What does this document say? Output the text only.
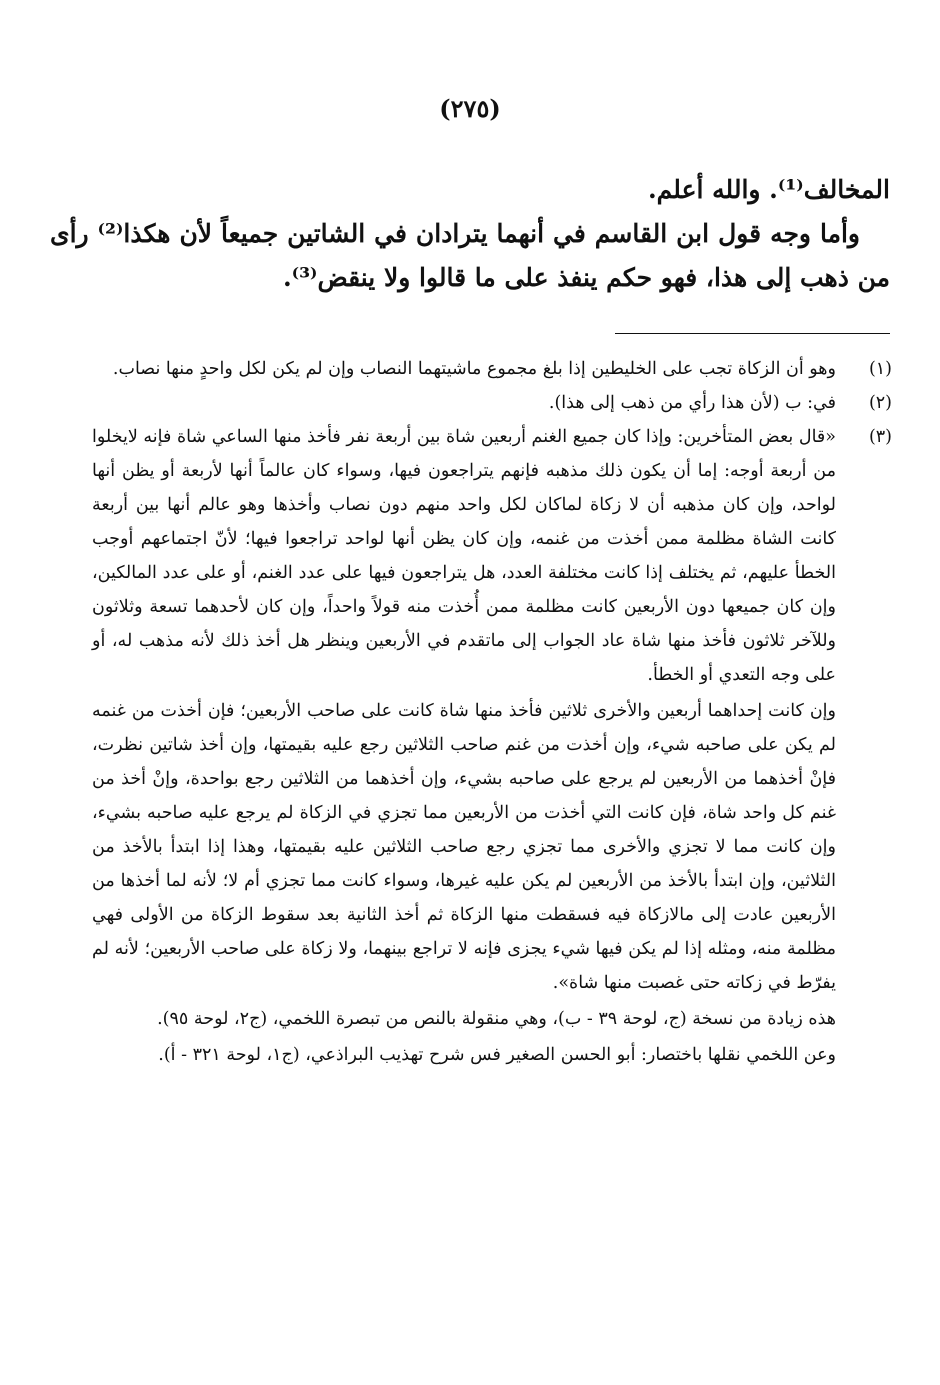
(٢٧٥)

المخالف⁽¹⁾. والله أعلم.

وأما وجه قول ابن القاسم في أنهما يترادان في الشاتين جميعاً لأن هكذا⁽²⁾ رأى من ذهب إلى هذا، فهو حكم ينفذ على ما قالوا ولا ينقض⁽³⁾.

(١)

وهو أن الزكاة تجب على الخليطين إذا بلغ مجموع ماشيتهما النصاب وإن لم يكن لكل واحدٍ منها نصاب.

(٢)

في: ب (لأن هذا رأي من ذهب إلى هذا).

(٣)

«قال بعض المتأخرين: وإذا كان جميع الغنم أربعين شاة بين أربعة نفر فأخذ منها الساعي شاة فإنه لايخلوا من أربعة أوجه: إما أن يكون ذلك مذهبه فإنهم يتراجعون فيها، وسواء كان عالماً أنها لأربعة أو يظن أنها لواحد، وإن كان مذهبه أن لا زكاة لماكان لكل واحد منهم دون نصاب وأخذها وهو عالم أنها بين أربعة كانت الشاة مظلمة ممن أخذت من غنمه، وإن كان يظن أنها لواحد تراجعوا فيها؛ لأنّ اجتماعهم أوجب الخطأ عليهم، ثم يختلف إذا كانت مختلفة العدد، هل يتراجعون فيها على عدد الغنم، أو على عدد المالكين، وإن كان جميعها دون الأربعين كانت مظلمة ممن أُخذت منه قولاً واحداً، وإن كان لأحدهما تسعة وثلاثون وللآخر ثلاثون فأخذ منها شاة عاد الجواب إلى ماتقدم في الأربعين وينظر هل أخذ ذلك لأنه مذهب له، أو على وجه التعدي أو الخطأ.

وإن كانت إحداهما أربعين والأخرى ثلاثين فأخذ منها شاة كانت على صاحب الأربعين؛ فإن أخذت من غنمه لم يكن على صاحبه شيء، وإن أخذت من غنم صاحب الثلاثين رجع عليه بقيمتها، وإن أخذ شاتين نظرت، فإنْ أخذهما من الأربعين لم يرجع على صاحبه بشيء، وإن أخذهما من الثلاثين رجع بواحدة، وإنْ أخذ من غنم كل واحد شاة، فإن كانت التي أخذت من الأربعين مما تجزي في الزكاة لم يرجع عليه صاحبه بشيء، وإن كانت مما لا تجزي والأخرى مما تجزي رجع صاحب الثلاثين عليه بقيمتها، وهذا إذا ابتدأ بالأخذ من الثلاثين، وإن ابتدأ بالأخذ من الأربعين لم يكن عليه غيرها، وسواء كانت مما تجزي أم لا؛ لأنه لما أخذها من الأربعين عادت إلى مالازكاة فيه فسقطت منها الزكاة ثم أخذ الثانية بعد سقوط الزكاة من الأولى فهي مظلمة منه، ومثله إذا لم يكن فيها شيء يجزى فإنه لا تراجع بينهما، ولا زكاة على صاحب الأربعين؛ لأنه لم يفرّط في زكاته حتى غصبت منها شاة».

هذه زيادة من نسخة (ج، لوحة ٣٩ - ب)، وهي منقولة بالنص من تبصرة اللخمي، (ج٢، لوحة ٩٥).

وعن اللخمي نقلها باختصار: أبو الحسن الصغير فس شرح تهذيب البراذعي، (ج١، لوحة ٣٢١ - أ).
